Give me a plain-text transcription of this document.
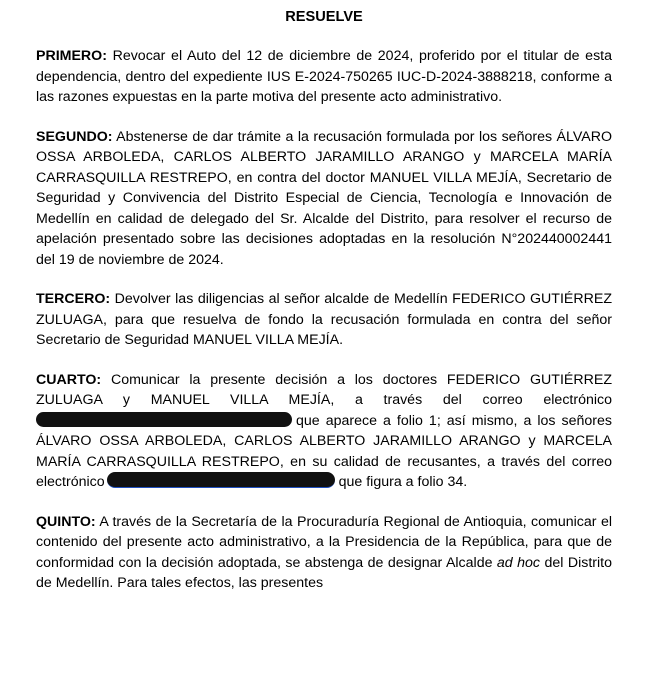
RESUELVE

PRIMERO: Revocar el Auto del 12 de diciembre de 2024, proferido por el titular de esta dependencia, dentro del expediente IUS E-2024-750265 IUC-D-2024-3888218, conforme a las razones expuestas en la parte motiva del presente acto administrativo.

SEGUNDO: Abstenerse de dar trámite a la recusación formulada por los señores ÁLVARO OSSA ARBOLEDA, CARLOS ALBERTO JARAMILLO ARANGO y MARCELA MARÍA CARRASQUILLA RESTREPO, en contra del doctor MANUEL VILLA MEJÍA, Secretario de Seguridad y Convivencia del Distrito Especial de Ciencia, Tecnología e Innovación de Medellín en calidad de delegado del Sr. Alcalde del Distrito, para resolver el recurso de apelación presentado sobre las decisiones adoptadas en la resolución N°202440002441 del 19 de noviembre de 2024.

TERCERO: Devolver las diligencias al señor alcalde de Medellín FEDERICO GUTIÉRREZ ZULUAGA, para que resuelva de fondo la recusación formulada en contra del señor Secretario de Seguridad MANUEL VILLA MEJÍA.

CUARTO: Comunicar la presente decisión a los doctores FEDERICO GUTIÉRREZ ZULUAGA y MANUEL VILLA MEJÍA, a través del correo electrónico que aparece a folio 1; así mismo, a los señores ÁLVARO OSSA ARBOLEDA, CARLOS ALBERTO JARAMILLO ARANGO y MARCELA MARÍA CARRASQUILLA RESTREPO, en su calidad de recusantes, a través del correo electrónico	que figura a folio 34.

QUINTO: A través de la Secretaría de la Procuraduría Regional de Antioquia, comunicar el contenido del presente acto administrativo, a la Presidencia de la República, para que de conformidad con la decisión adoptada, se abstenga de designar Alcalde ad hoc del Distrito de Medellín. Para tales efectos, las presentes
